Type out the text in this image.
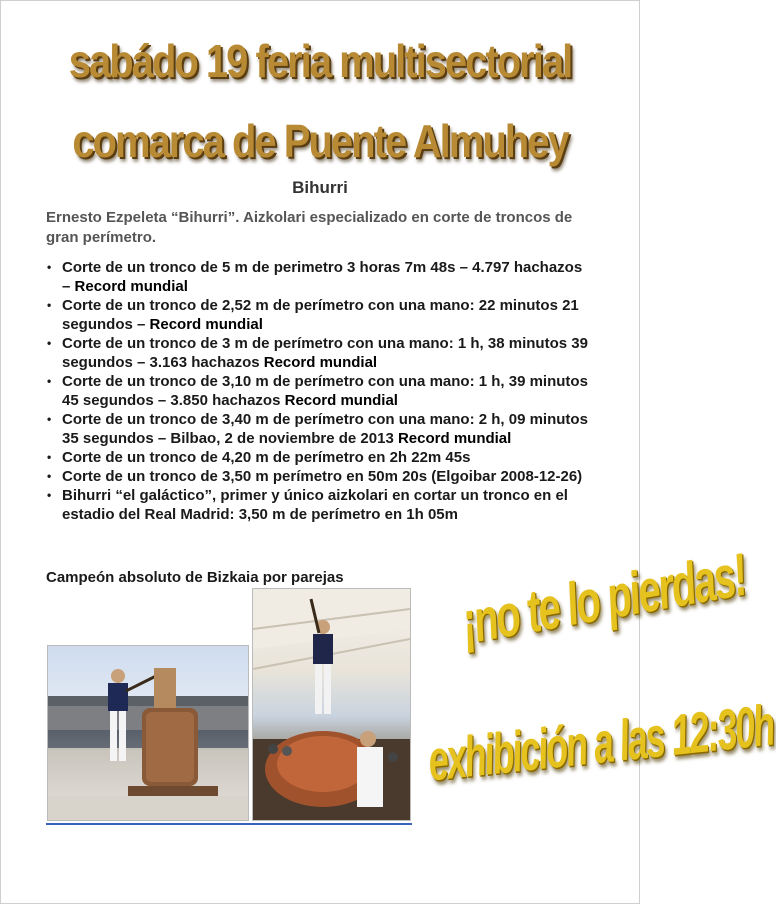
sabádo 19 feria multisectorial
comarca de Puente Almuhey
Bihurri

Ernesto Ezpeleta “Bihurri”. Aizkolari especializado en corte de troncos de gran perímetro.

• Corte de un tronco de 5 m de perimetro 3 horas 7m 48s – 4.797 hachazos – Record mundial
• Corte de un tronco de 2,52 m de perímetro con una mano: 22 minutos 21 segundos – Record mundial
• Corte de un tronco de 3 m de perímetro con una mano: 1 h, 38 minutos 39 segundos – 3.163 hachazos Record mundial
• Corte de un tronco de 3,10 m de perímetro con una mano: 1 h, 39 minutos 45 segundos – 3.850 hachazos Record mundial
• Corte de un tronco de 3,40 m de perímetro con una mano: 2 h, 09 minutos 35 segundos – Bilbao, 2 de noviembre de 2013 Record mundial
• Corte de un tronco de 4,20 m de perímetro en 2h 22m 45s
• Corte de un tronco de 3,50 m perímetro en 50m 20s (Elgoibar 2008-12-26)
• Bihurri “el galáctico”, primer y único aizkolari en cortar un tronco en el estadio del Real Madrid: 3,50 m de perímetro en 1h 05m

Campeón absoluto de Bizkaia por parejas	¡no te lo pierdas!
exhibición a las 12:30h
